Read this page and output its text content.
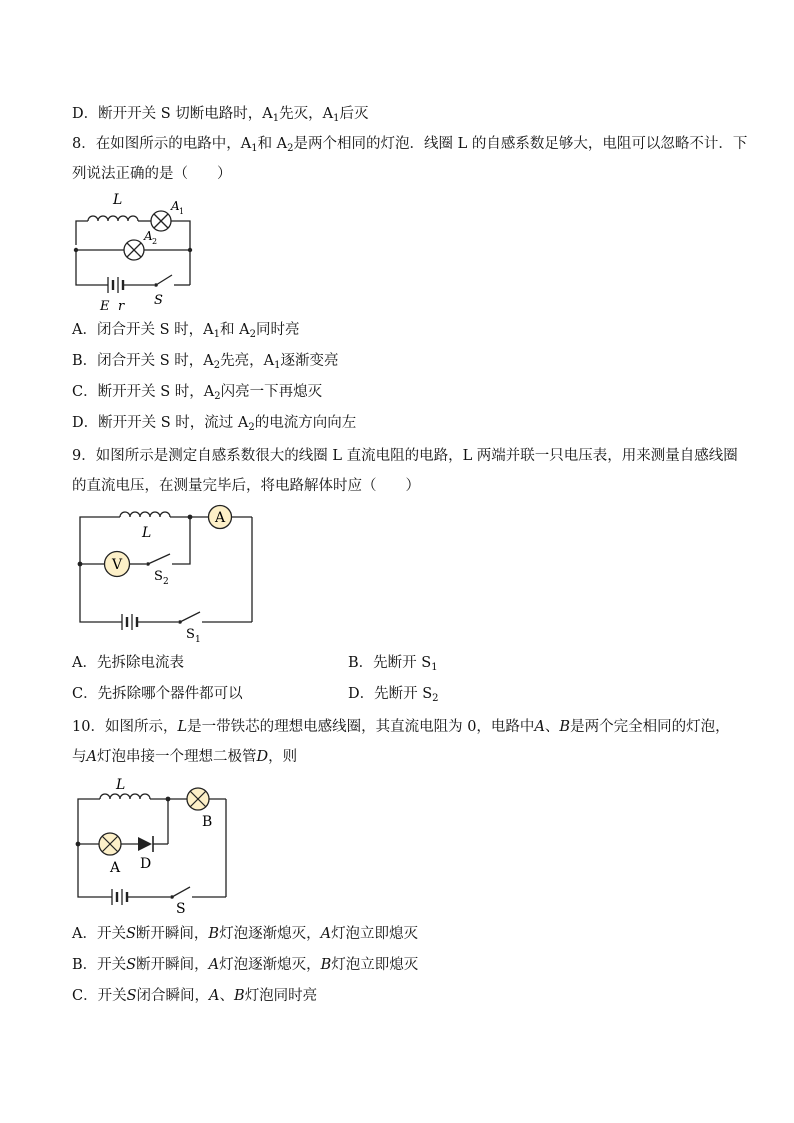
D．断开开关 S 切断电路时，$A_1$先灭，$A_1$后灭
8．在如图所示的电路中，$A_1$和 $A_2$是两个相同的灯泡．线圈 L 的自感系数足够大，电阻可以忽略不计．下
列说法正确的是（　　）
L	A 1
A 2
E r S
A．闭合开关 S 时，$A_1$和 $A_2$同时亮
B．闭合开关 S 时，$A_2$先亮，$A_1$逐渐变亮
C．断开开关 S 时，$A_2$闪亮一下再熄灭
D．断开开关 S 时，流过 $A_2$的电流方向向左
9．如图所示是测定自感系数很大的线圈 L 直流电阻的电路，L 两端并联一只电压表，用来测量自感线圈
的直流电压，在测量完毕后，将电路解体时应（　　）
A
V
L
S 2
S 1
A．先拆除电流表	B．先断开 $S_1$
C．先拆除哪个器件都可以	D．先断开 $S_2$
10．如图所示，L是一带铁芯的理想电感线圈，其直流电阻为 0，电路中A、B是两个完全相同的灯泡，
与A灯泡串接一个理想二极管D，则
L
B
A D
S
A．开关S断开瞬间，B灯泡逐渐熄灭，A灯泡立即熄灭
B．开关S断开瞬间，A灯泡逐渐熄灭，B灯泡立即熄灭
C．开关S闭合瞬间，A、B灯泡同时亮
